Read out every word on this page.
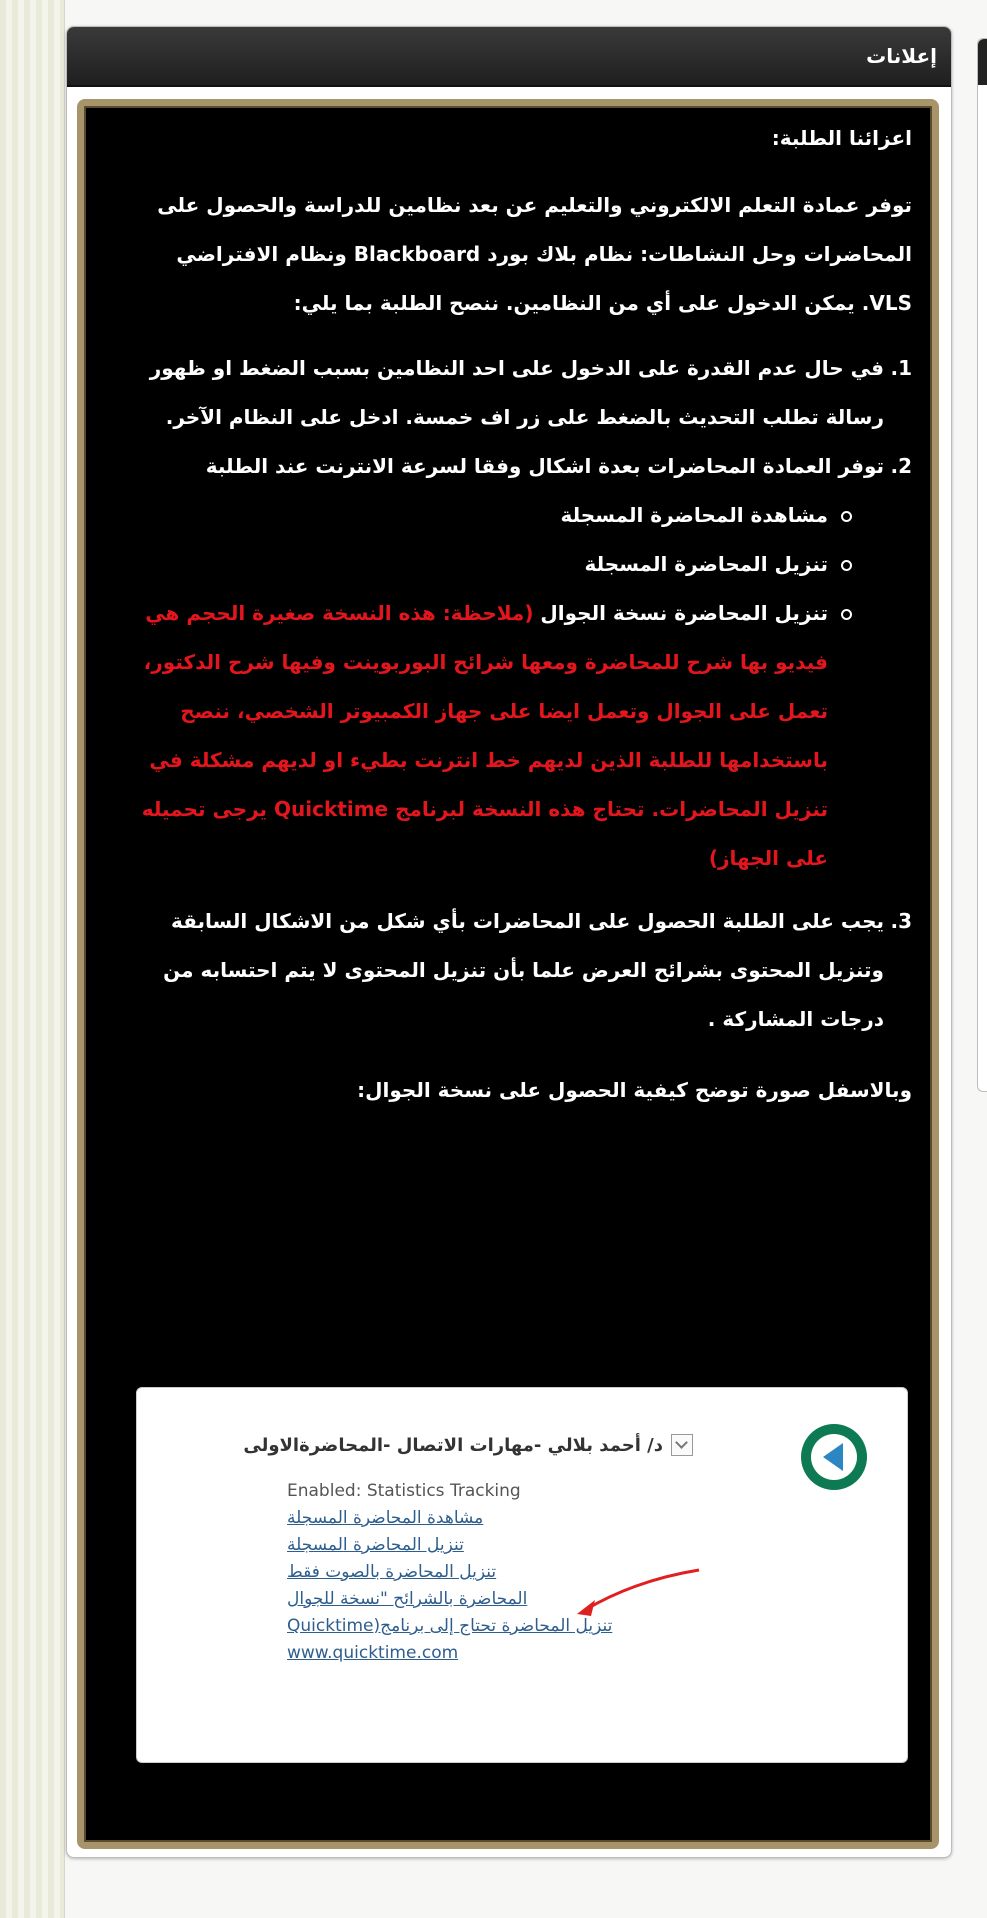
إعلانات

اعزائنا الطلبة:

توفر عمادة التعلم الالكتروني والتعليم عن بعد نظامين للدراسة والحصول على المحاضرات وحل النشاطات: نظام بلاك بورد Blackboard ونظام الافتراضي VLS. يمكن الدخول على أي من النظامين. ننصح الطلبة بما يلي:

1.
في حال عدم القدرة على الدخول على احد النظامين بسبب الضغط او ظهور رسالة تطلب التحديث بالضغط على زر اف خمسة. ادخل على النظام الآخر.
2.
توفر العمادة المحاضرات بعدة اشكال وفقا لسرعة الانترنت عند الطلبة
مشاهدة المحاضرة المسجلة
تنزيل المحاضرة المسجلة
تنزيل المحاضرة نسخة الجوال (ملاحظة: هذه النسخة صغيرة الحجم هي فيديو بها شرح للمحاضرة ومعها شرائح البوربوينت وفيها شرح الدكتور، تعمل على الجوال وتعمل ايضا على جهاز الكمبيوتر الشخصي، ننصح باستخدامها للطلبة الذين لديهم خط انترنت بطيء او لديهم مشكلة في تنزيل المحاضرات. تحتاج هذه النسخة لبرنامج Quicktime يرجى تحميله على الجهاز)
3.
يجب على الطلبة الحصول على المحاضرات بأي شكل من الاشكال السابقة وتنزيل المحتوى بشرائح العرض علما بأن تنزيل المحتوى لا يتم احتسابه من درجات المشاركة .

وبالاسفل صورة توضح كيفية الحصول على نسخة الجوال:

د/ أحمد بلالي -مهارات الاتصال -المحاضرةالاولى
Enabled: Statistics Tracking
مشاهدة المحاضرة المسجلة
تنزيل المحاضرة المسجلة
تنزيل المحاضرة بالصوت فقط
المحاضرة بالشرائح "نسخة للجوال
تنزيل المحاضرة تحتاج إلى برنامج(Quicktime
www.quicktime.com
